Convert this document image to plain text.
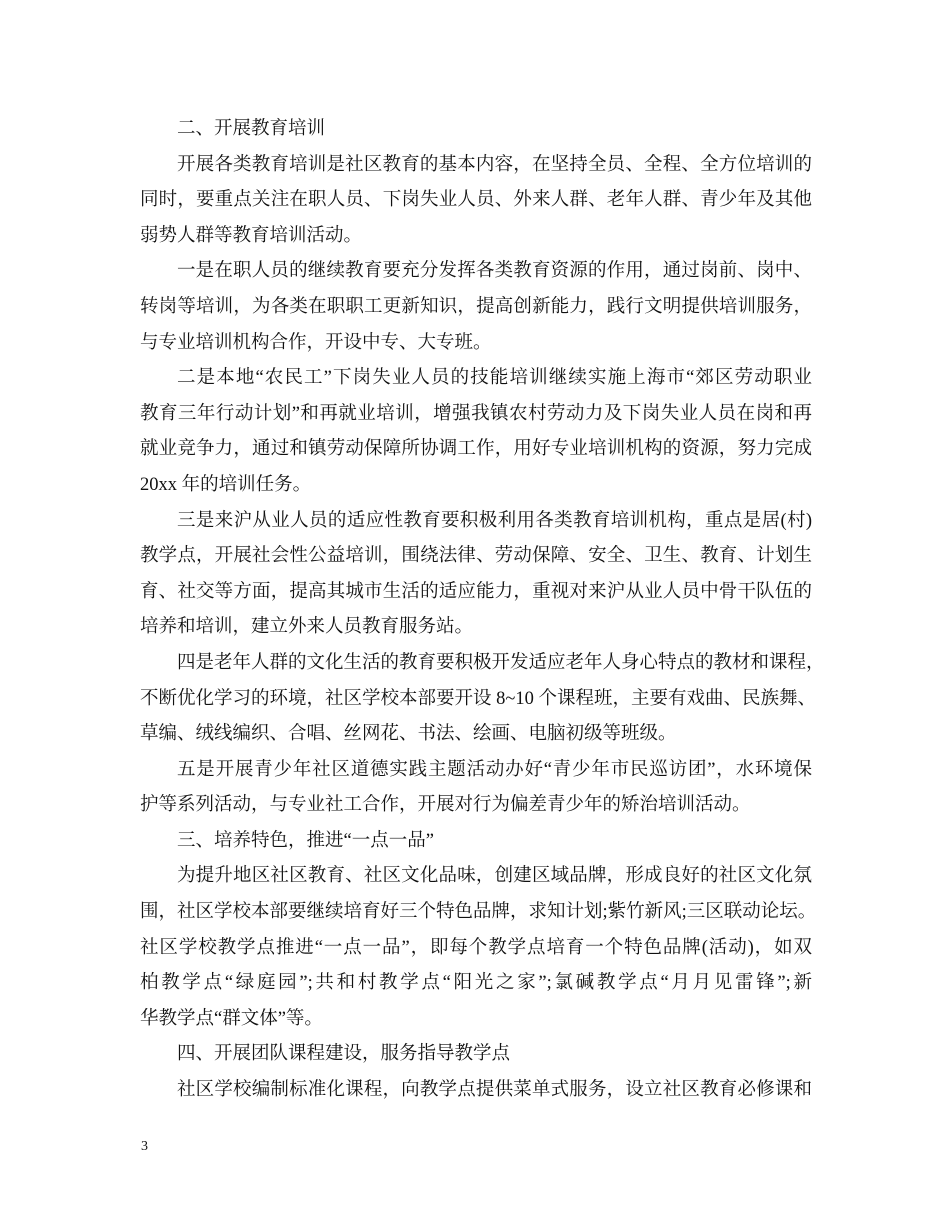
二、开展教育培训
开展各类教育培训是社区教育的基本内容，在坚持全员、全程、全方位培训的
同时，要重点关注在职人员、下岗失业人员、外来人群、老年人群、青少年及其他
弱势人群等教育培训活动。
一是在职人员的继续教育要充分发挥各类教育资源的作用，通过岗前、岗中、
转岗等培训，为各类在职职工更新知识，提高创新能力，践行文明提供培训服务，
与专业培训机构合作，开设中专、大专班。
二是本地“农民工”下岗失业人员的技能培训继续实施上海市“郊区劳动职业
教育三年行动计划”和再就业培训，增强我镇农村劳动力及下岗失业人员在岗和再
就业竞争力，通过和镇劳动保障所协调工作，用好专业培训机构的资源，努力完成
20xx 年的培训任务。
三是来沪从业人员的适应性教育要积极利用各类教育培训机构，重点是居(村)
教学点，开展社会性公益培训，围绕法律、劳动保障、安全、卫生、教育、计划生
育、社交等方面，提高其城市生活的适应能力，重视对来沪从业人员中骨干队伍的
培养和培训，建立外来人员教育服务站。
四是老年人群的文化生活的教育要积极开发适应老年人身心特点的教材和课程，
不断优化学习的环境，社区学校本部要开设 8~10 个课程班，主要有戏曲、民族舞、
草编、绒线编织、合唱、丝网花、书法、绘画、电脑初级等班级。
五是开展青少年社区道德实践主题活动办好“青少年市民巡访团”，水环境保
护等系列活动，与专业社工合作，开展对行为偏差青少年的矫治培训活动。
三、培养特色，推进“一点一品”
为提升地区社区教育、社区文化品味，创建区域品牌，形成良好的社区文化氛
围，社区学校本部要继续培育好三个特色品牌，求知计划;紫竹新风;三区联动论坛。
社区学校教学点推进“一点一品”，即每个教学点培育一个特色品牌(活动)，如双
柏教学点“绿庭园”;共和村教学点“阳光之家”;氯碱教学点“月月见雷锋”;新
华教学点“群文体”等。
四、开展团队课程建设，服务指导教学点
社区学校编制标准化课程，向教学点提供菜单式服务，设立社区教育必修课和
3
